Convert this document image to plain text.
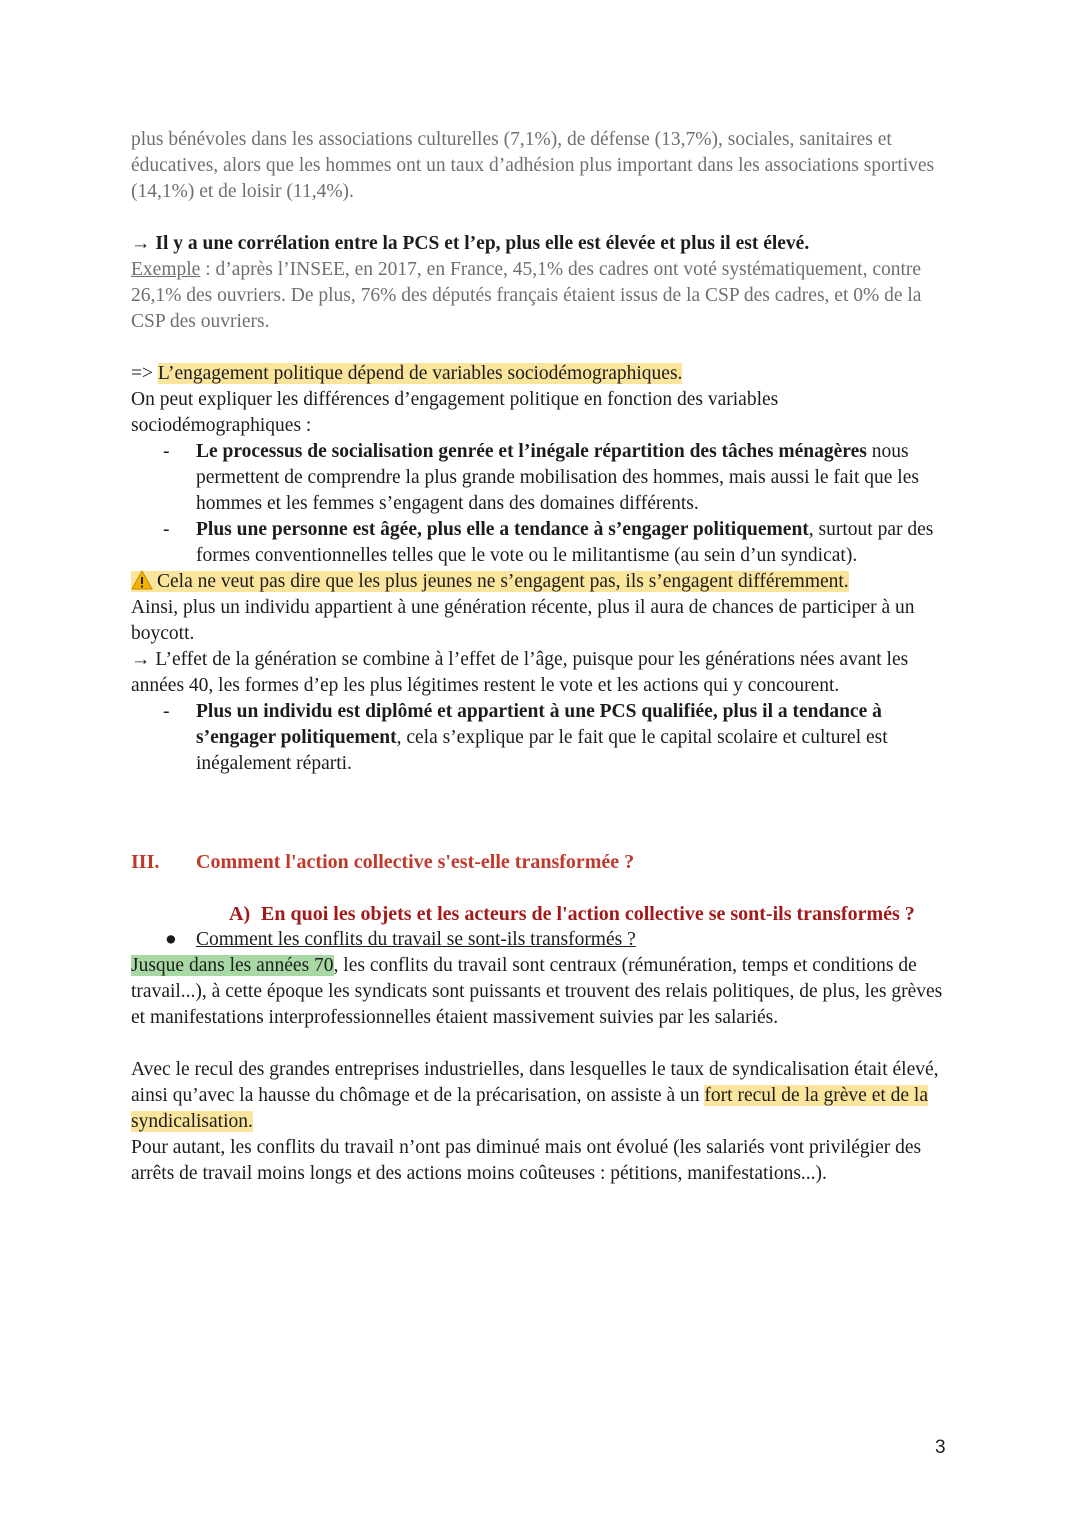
plus bénévoles dans les associations culturelles (7,1%), de défense (13,7%), sociales, sanitaires et éducatives, alors que les hommes ont un taux d’adhésion plus important dans les associations sportives (14,1%) et de loisir (11,4%).

→ Il y a une corrélation entre la PCS et l’ep, plus elle est élevée et plus il est élevé.

Exemple : d’après l’INSEE, en 2017, en France, 45,1% des cadres ont voté systématiquement, contre 26,1% des ouvriers. De plus, 76% des députés français étaient issus de la CSP des cadres, et 0% de la CSP des ouvriers.

=> L’engagement politique dépend de variables sociodémographiques.

On peut expliquer les différences d’engagement politique en fonction des variables sociodémographiques :

- Le processus de socialisation genrée et l’inégale répartition des tâches ménagères nous permettent de comprendre la plus grande mobilisation des hommes, mais aussi le fait que les hommes et les femmes s’engagent dans des domaines différents.
- Plus une personne est âgée, plus elle a tendance à s’engager politiquement, surtout par des formes conventionnelles telles que le vote ou le militantisme (au sein d’un syndicat).

Cela ne veut pas dire que les plus jeunes ne s’engagent pas, ils s’engagent différemment.

Ainsi, plus un individu appartient à une génération récente, plus il aura de chances de participer à un boycott.

→ L’effet de la génération se combine à l’effet de l’âge, puisque pour les générations nées avant les années 40, les formes d’ep les plus légitimes restent le vote et les actions qui y concourent.

- Plus un individu est diplômé et appartient à une PCS qualifiée, plus il a tendance à s’engager politiquement, cela s’explique par le fait que le capital scolaire et culturel est inégalement réparti.
III.	Comment l'action collective s'est-elle transformée ?
A) En quoi les objets et les acteurs de l'action collective se sont-ils transformés ?
● Comment les conflits du travail se sont-ils transformés ?

Jusque dans les années 70, les conflits du travail sont centraux (rémunération, temps et conditions de travail...), à cette époque les syndicats sont puissants et trouvent des relais politiques, de plus, les grèves et manifestations interprofessionnelles étaient massivement suivies par les salariés.

Avec le recul des grandes entreprises industrielles, dans lesquelles le taux de syndicalisation était élevé, ainsi qu’avec la hausse du chômage et de la précarisation, on assiste à un fort recul de la grève et de la syndicalisation.

Pour autant, les conflits du travail n’ont pas diminué mais ont évolué (les salariés vont privilégier des arrêts de travail moins longs et des actions moins coûteuses : pétitions, manifestations...).

3
